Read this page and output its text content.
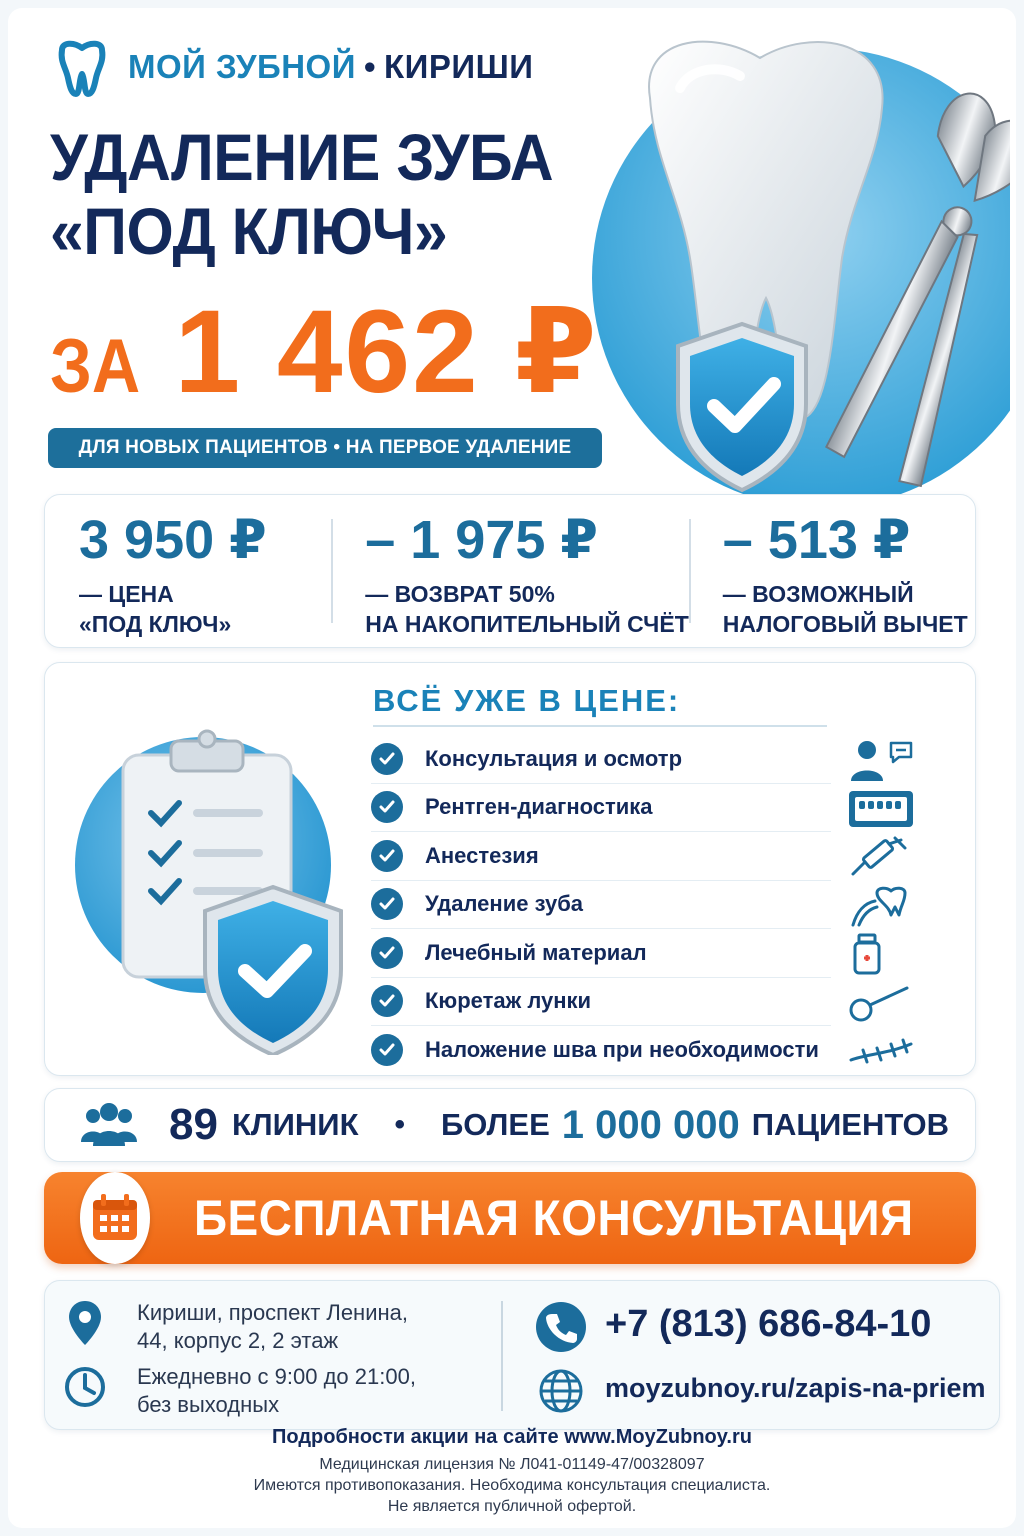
МОЙ ЗУБНОЙ • КИРИШИ
УДАЛЕНИЕ ЗУБА
«ПОД КЛЮЧ»
ЗА 1 462 ₽
ДЛЯ НОВЫХ ПАЦИЕНТОВ • НА ПЕРВОЕ УДАЛЕНИЕ
3 950 ₽
— ЦЕНА
«ПОД КЛЮЧ»
– 1 975 ₽
— ВОЗВРАТ 50%
НА НАКОПИТЕЛЬНЫЙ СЧЁТ
– 513 ₽
— ВОЗМОЖНЫЙ
НАЛОГОВЫЙ ВЫЧЕТ
ВСЁ УЖЕ В ЦЕНЕ:
Консультация и осмотр
Рентген-диагностика
Анестезия
Удаление зуба
Лечебный материал
Кюретаж лунки
Наложение шва при необходимости
89 КЛИНИК • БОЛЕЕ 1 000 000 ПАЦИЕНТОВ
БЕСПЛАТНАЯ КОНСУЛЬТАЦИЯ
Кириши, проспект Ленина,
44, корпус 2, 2 этаж
Ежедневно с 9:00 до 21:00,
без выходных
+7 (813) 686-84-10
moyzubnoy.ru/zapis-na-priem
Подробности акции на сайте www.MoyZubnoy.ru
Медицинская лицензия № Л041-01149-47/00328097
Имеются противопоказания. Необходима консультация специалиста.
Не является публичной офертой.
